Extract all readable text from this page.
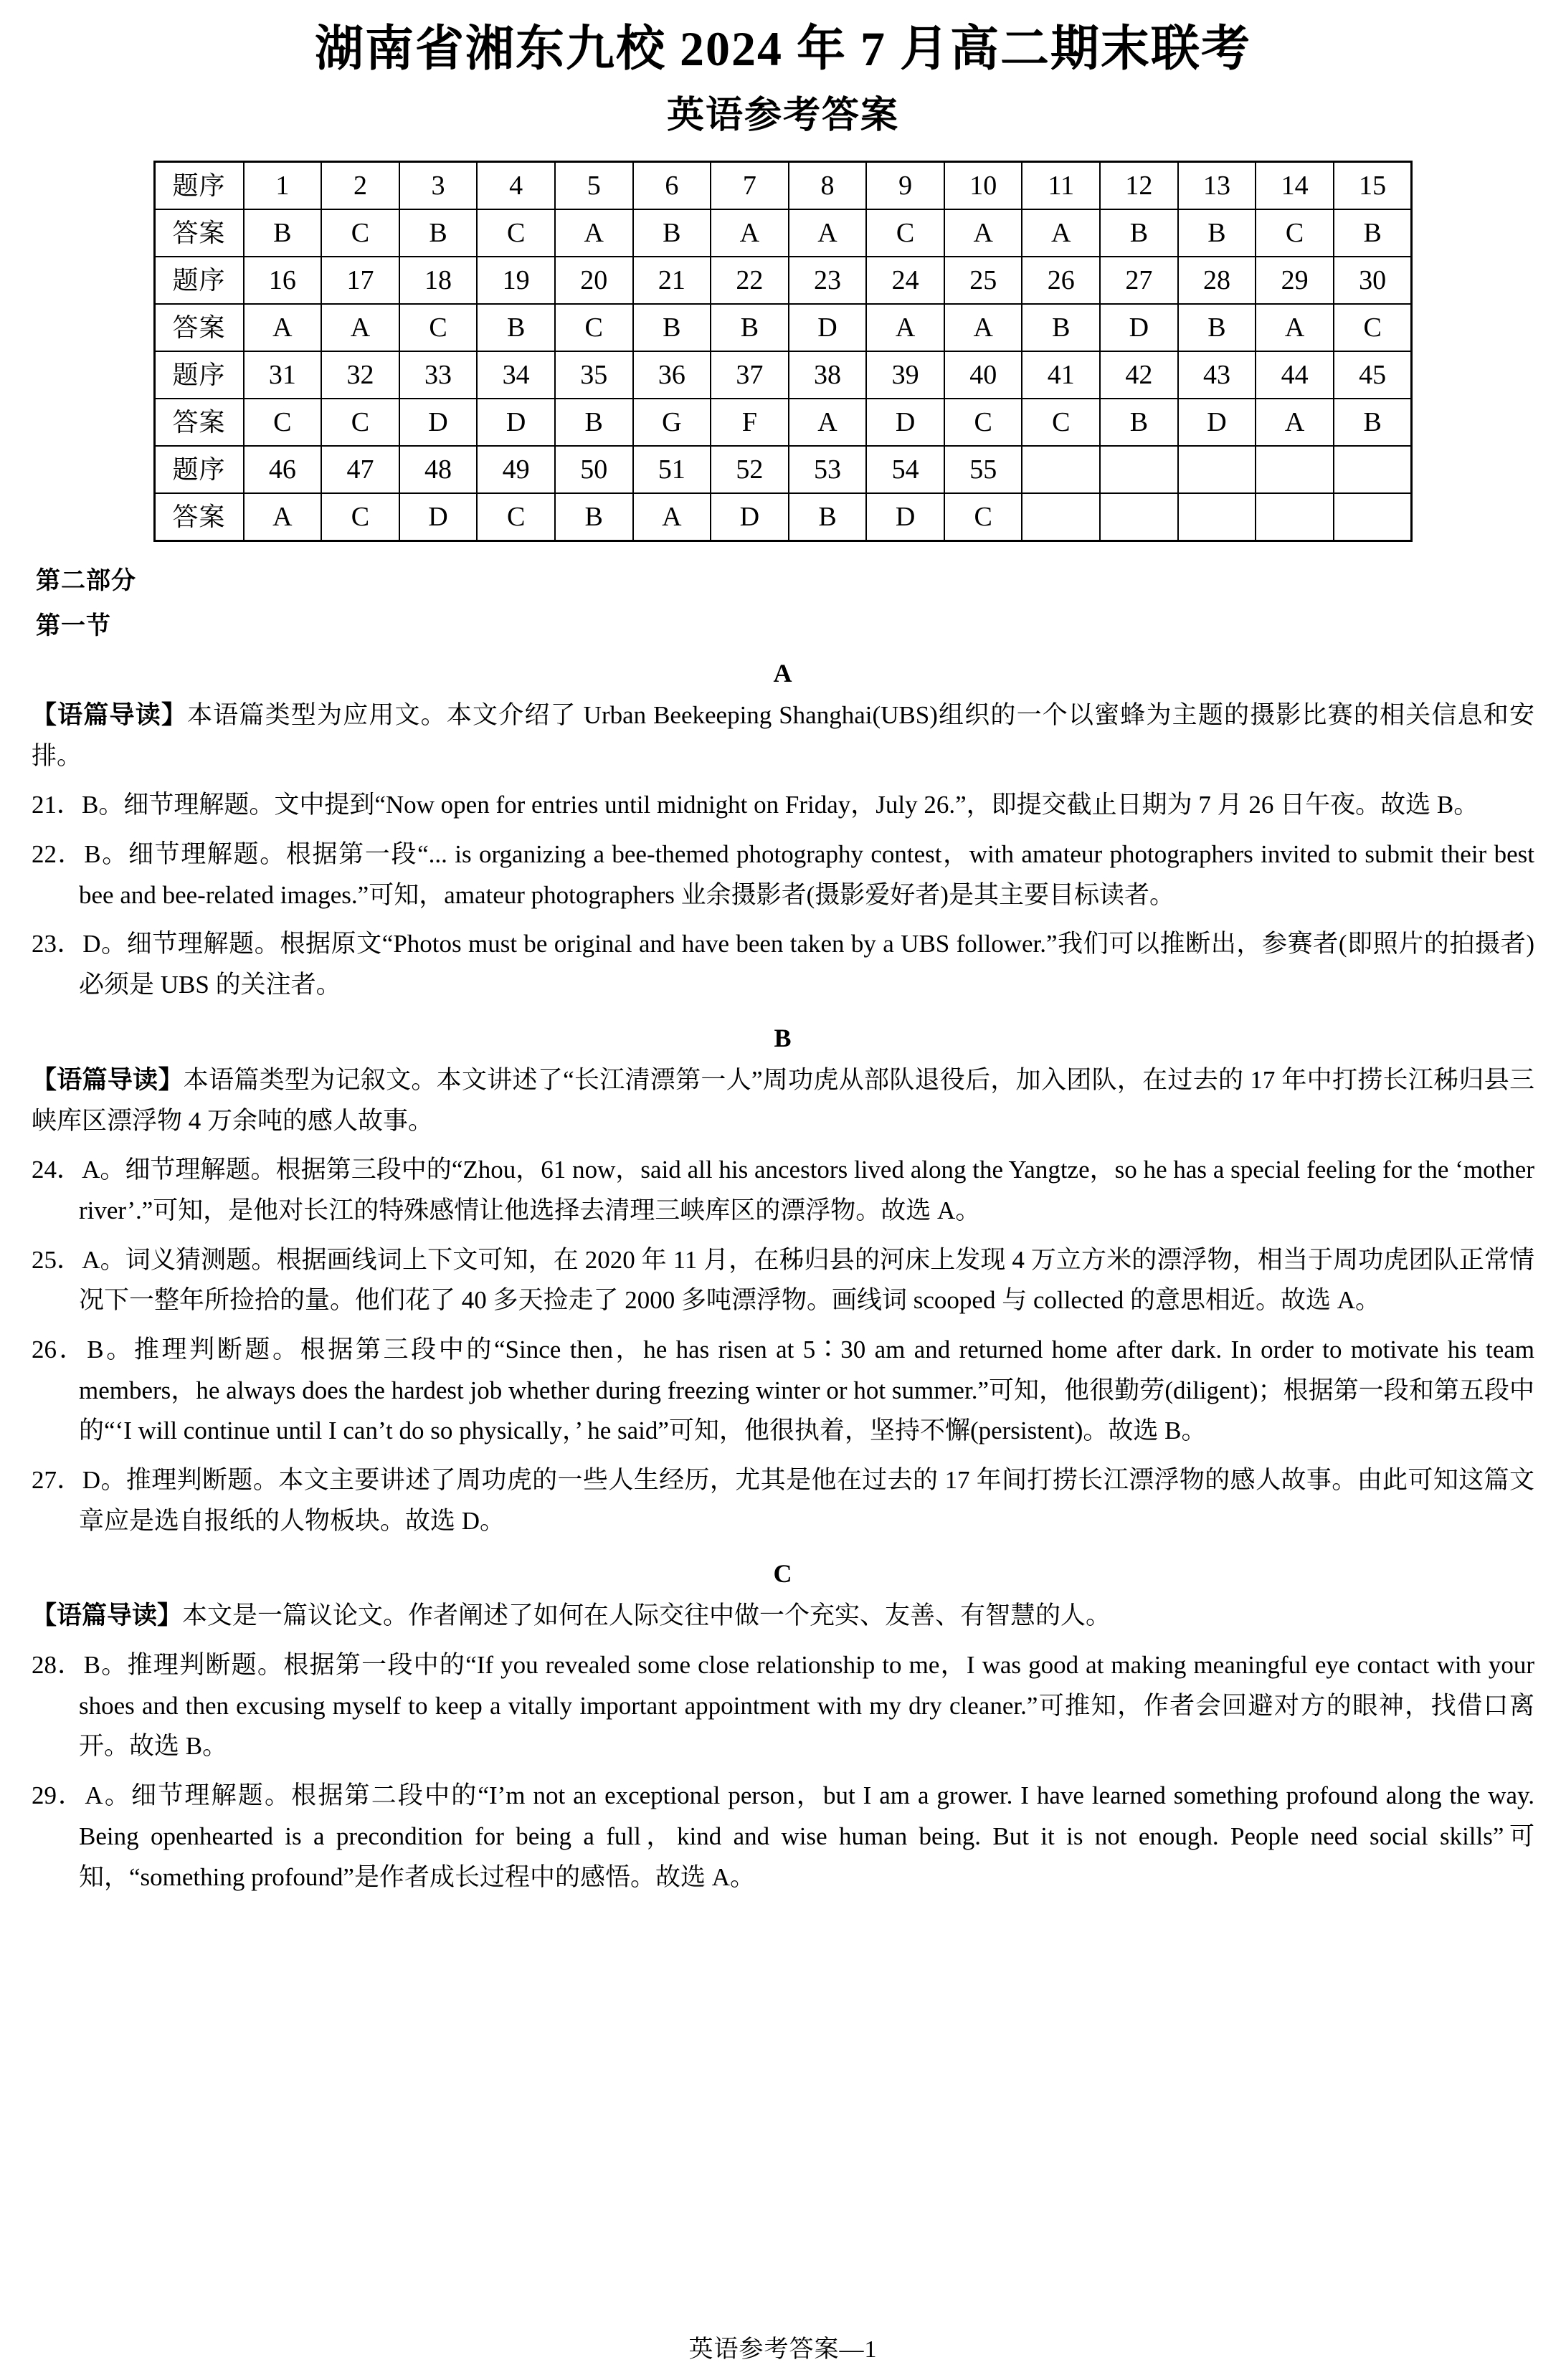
湖南省湘东九校 2024 年 7 月高二期末联考
英语参考答案
题序	1	2	3	4	5	6	7	8	9	10	11	12	13	14	15
答案	B	C	B	C	A	B	A	A	C	A	A	B	B	C	B
题序	16	17	18	19	20	21	22	23	24	25	26	27	28	29	30
答案	A	A	C	B	C	B	B	D	A	A	B	D	B	A	C
题序	31	32	33	34	35	36	37	38	39	40	41	42	43	44	45
答案	C	C	D	D	B	G	F	A	D	C	C	B	D	A	B
题序	46	47	48	49	50	51	52	53	54	55					
答案	A	C	D	C	B	A	D	B	D	C					
第二部分
第一节
A
【语篇导读】本语篇类型为应用文。本文介绍了 Urban Beekeeping Shanghai(UBS)组织的一个以蜜蜂为主题的摄影比赛的相关信息和安排。
21．B。细节理解题。文中提到“Now open for entries until midnight on Friday，July 26.”，即提交截止日期为 7 月 26 日午夜。故选 B。
22．B。细节理解题。根据第一段“... is organizing a bee-themed photography contest，with amateur photographers invited to submit their best bee and bee-related images.”可知，amateur photographers 业余摄影者(摄影爱好者)是其主要目标读者。
23．D。细节理解题。根据原文“Photos must be original and have been taken by a UBS follower.”我们可以推断出，参赛者(即照片的拍摄者)必须是 UBS 的关注者。
B
【语篇导读】本语篇类型为记叙文。本文讲述了“长江清漂第一人”周功虎从部队退役后，加入团队，在过去的 17 年中打捞长江秭归县三峡库区漂浮物 4 万余吨的感人故事。
24．A。细节理解题。根据第三段中的“Zhou，61 now，said all his ancestors lived along the Yangtze，so he has a special feeling for the ‘mother river’.”可知，是他对长江的特殊感情让他选择去清理三峡库区的漂浮物。故选 A。
25．A。词义猜测题。根据画线词上下文可知，在 2020 年 11 月，在秭归县的河床上发现 4 万立方米的漂浮物，相当于周功虎团队正常情况下一整年所捡拾的量。他们花了 40 多天捡走了 2000 多吨漂浮物。画线词 scooped 与 collected 的意思相近。故选 A。
26．B。推理判断题。根据第三段中的“Since then，he has risen at 5∶30 am and returned home after dark. In order to motivate his team members，he always does the hardest job whether during freezing winter or hot summer.”可知，他很勤劳(diligent)；根据第一段和第五段中的“‘I will continue until I can’t do so physically，’ he said”可知，他很执着，坚持不懈(persistent)。故选 B。
27．D。推理判断题。本文主要讲述了周功虎的一些人生经历，尤其是他在过去的 17 年间打捞长江漂浮物的感人故事。由此可知这篇文章应是选自报纸的人物板块。故选 D。
C
【语篇导读】本文是一篇议论文。作者阐述了如何在人际交往中做一个充实、友善、有智慧的人。
28．B。推理判断题。根据第一段中的“If you revealed some close relationship to me，I was good at making meaningful eye contact with your shoes and then excusing myself to keep a vitally important appointment with my dry cleaner.”可推知，作者会回避对方的眼神，找借口离开。故选 B。
29．A。细节理解题。根据第二段中的“I’m not an exceptional person，but I am a grower. I have learned something profound along the way. Being openhearted is a precondition for being a full，kind and wise human being. But it is not enough. People need social skills”可知，“something profound”是作者成长过程中的感悟。故选 A。
英语参考答案—1
